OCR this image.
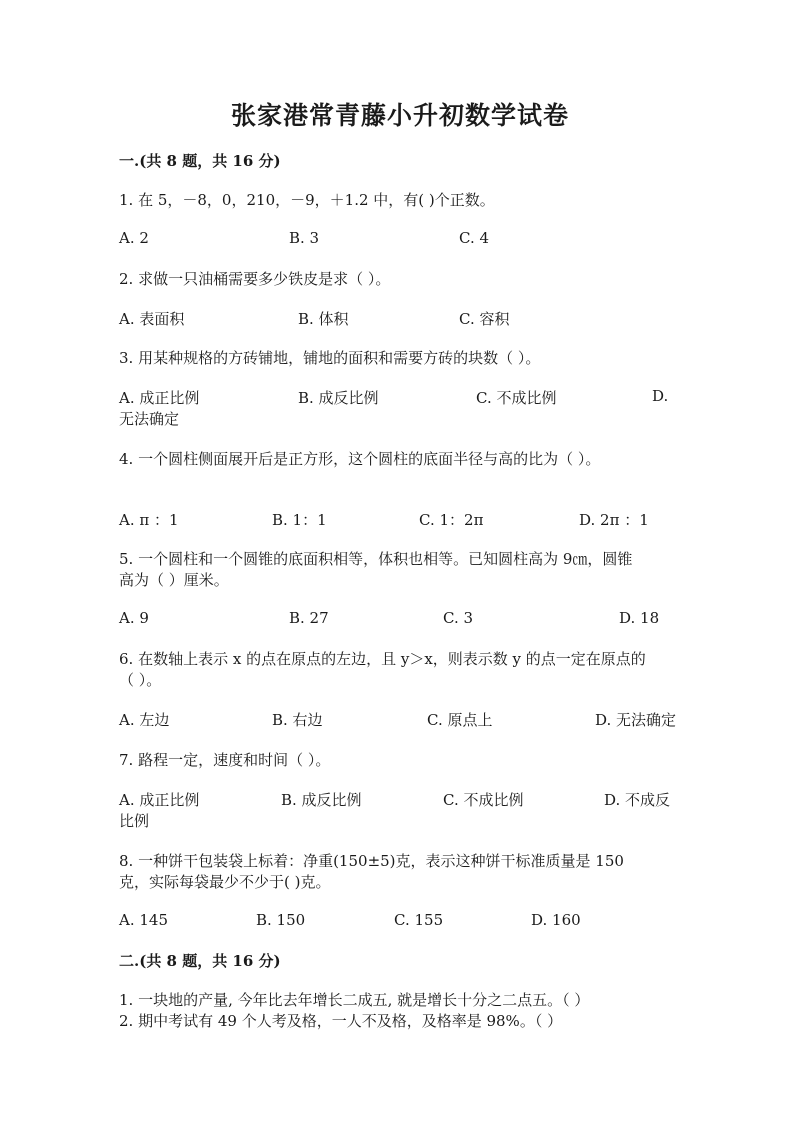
张家港常青藤小升初数学试卷
一.(共 8 题，共 16 分)
1. 在 5，－8，0，210，－9，＋1.2 中，有( )个正数。
A. 2	B. 3	C. 4
2. 求做一只油桶需要多少铁皮是求（ ）。
A. 表面积	B. 体积	C. 容积
3. 用某种规格的方砖铺地，铺地的面积和需要方砖的块数（ ）。
A. 成正比例	B. 成反比例	C. 不成比例	D.
无法确定
4. 一个圆柱侧面展开后是正方形，这个圆柱的底面半径与高的比为（ ）。
A. π ：1	B. 1：1	C. 1：2π	D. 2π ：1
5. 一个圆柱和一个圆锥的底面积相等，体积也相等。已知圆柱高为 9㎝，圆锥
高为（ ）厘米。
A. 9	B. 27	C. 3	D. 18
6. 在数轴上表示 x 的点在原点的左边，且 y＞x，则表示数 y 的点一定在原点的
（ ）。
A. 左边	B. 右边	C. 原点上	D. 无法确定
7. 路程一定，速度和时间（ ）。
A. 成正比例	B. 成反比例	C. 不成比例	D. 不成反
比例
8. 一种饼干包装袋上标着：净重(150±5)克，表示这种饼干标准质量是 150
克，实际每袋最少不少于( )克。
A. 145	B. 150	C. 155	D. 160
二.(共 8 题，共 16 分)
1. 一块地的产量, 今年比去年增长二成五, 就是增长十分之二点五。（ ）
2. 期中考试有 49 个人考及格，一人不及格，及格率是 98%。（ ）
